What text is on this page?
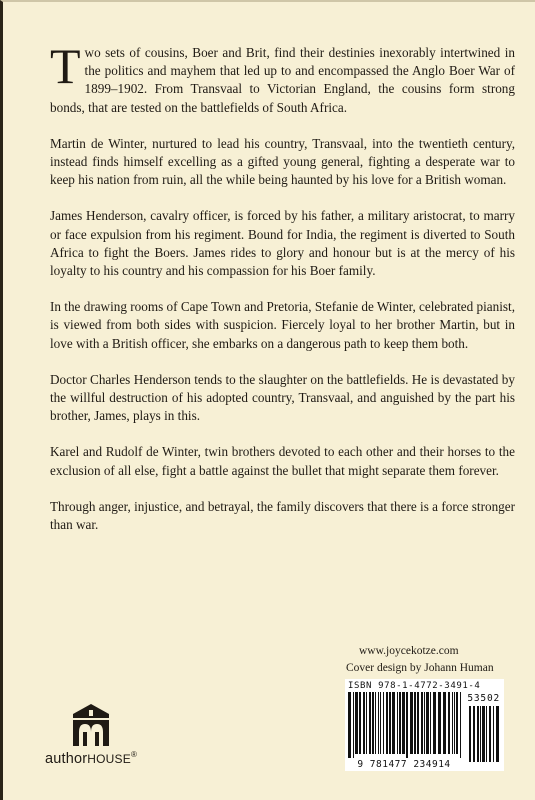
Two sets of cousins, Boer and Brit, find their destinies inexorably intertwined in the politics and mayhem that led up to and encompassed the Anglo Boer War of 1899–1902. From Transvaal to Victorian England, the cousins form strong bonds, that are tested on the battlefields of South Africa.

Martin de Winter, nurtured to lead his country, Transvaal, into the twentieth century, instead finds himself excelling as a gifted young general, fighting a desperate war to keep his nation from ruin, all the while being haunted by his love for a British woman.

James Henderson, cavalry officer, is forced by his father, a military aristocrat, to marry or face expulsion from his regiment. Bound for India, the regiment is diverted to South Africa to fight the Boers. James rides to glory and honour but is at the mercy of his loyalty to his country and his compassion for his Boer family.

In the drawing rooms of Cape Town and Pretoria, Stefanie de Winter, celebrated pianist, is viewed from both sides with suspicion. Fiercely loyal to her brother Martin, but in love with a British officer, she embarks on a dangerous path to keep them both.

Doctor Charles Henderson tends to the slaughter on the battlefields. He is devastated by the willful destruction of his adopted country, Transvaal, and anguished by the part his brother, James, plays in this.

Karel and Rudolf de Winter, twin brothers devoted to each other and their horses to the exclusion of all else, fight a battle against the bullet that might separate them forever.

Through anger, injustice, and betrayal, the family discovers that there is a force stronger than war.

www.joycekotze.com
Cover design by Johann Human
ISBN 978-1-4772-3491-4
53502
9 781477 234914
authorHOUSE®
